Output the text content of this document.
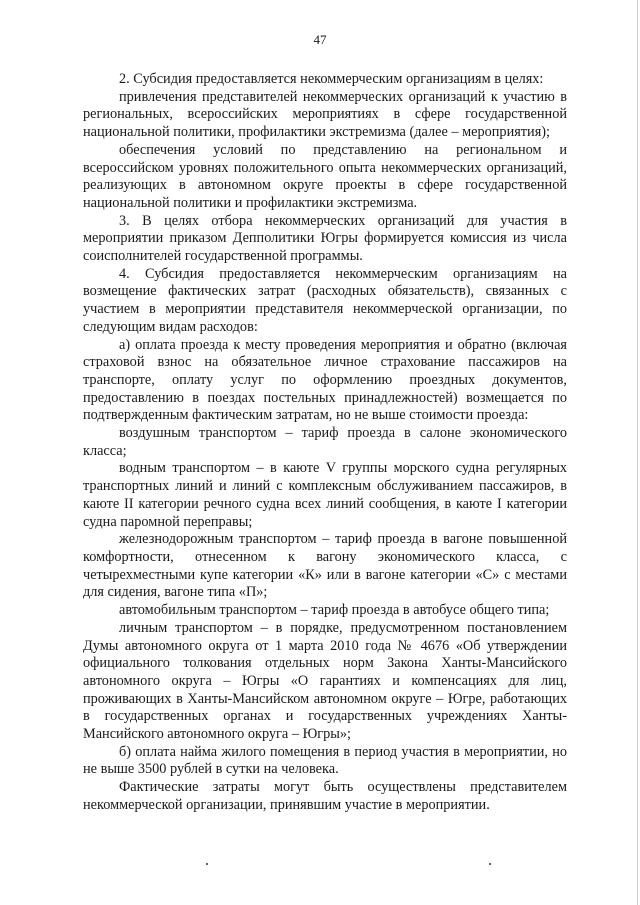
47

2. Субсидия предоставляется некоммерческим организациям в целях:

привлечения представителей некоммерческих организаций к участию в региональных, всероссийских мероприятиях в сфере государственной национальной политики, профилактики экстремизма (далее – мероприятия);

обеспечения условий по представлению на региональном и всероссийском уровнях положительного опыта некоммерческих организаций, реализующих в автономном округе проекты в сфере государственной национальной политики и профилактики экстремизма.

3. В целях отбора некоммерческих организаций для участия в мероприятии приказом Депполитики Югры формируется комиссия из числа соисполнителей государственной программы.

4. Субсидия предоставляется некоммерческим организациям на возмещение фактических затрат (расходных обязательств), связанных с участием в мероприятии представителя некоммерческой организации, по следующим видам расходов:

а) оплата проезда к месту проведения мероприятия и обратно (включая страховой взнос на обязательное личное страхование пассажиров на транспорте, оплату услуг по оформлению проездных документов, предоставлению в поездах постельных принадлежностей) возмещается по подтвержденным фактическим затратам, но не выше стоимости проезда:

воздушным транспортом – тариф проезда в салоне экономического класса;

водным транспортом – в каюте V группы морского судна регулярных транспортных линий и линий с комплексным обслуживанием пассажиров, в каюте II категории речного судна всех линий сообщения, в каюте I категории судна паромной переправы;

железнодорожным транспортом – тариф проезда в вагоне повышенной комфортности, отнесенном к вагону экономического класса, с четырехместными купе категории «К» или в вагоне категории «С» с местами для сидения, вагоне типа «П»;

автомобильным транспортом – тариф проезда в автобусе общего типа;

личным транспортом – в порядке, предусмотренном постановлением Думы автономного округа от 1 марта 2010 года № 4676 «Об утверждении официального толкования отдельных норм Закона Ханты-Мансийского автономного округа – Югры «О гарантиях и компенсациях для лиц, проживающих в Ханты-Мансийском автономном округе – Югре, работающих в государственных органах и государственных учреждениях Ханты-Мансийского автономного округа – Югры»;

б) оплата найма жилого помещения в период участия в мероприятии, но не выше 3500 рублей в сутки на человека.

Фактические затраты могут быть осуществлены представителем некоммерческой организации, принявшим участие в мероприятии.
